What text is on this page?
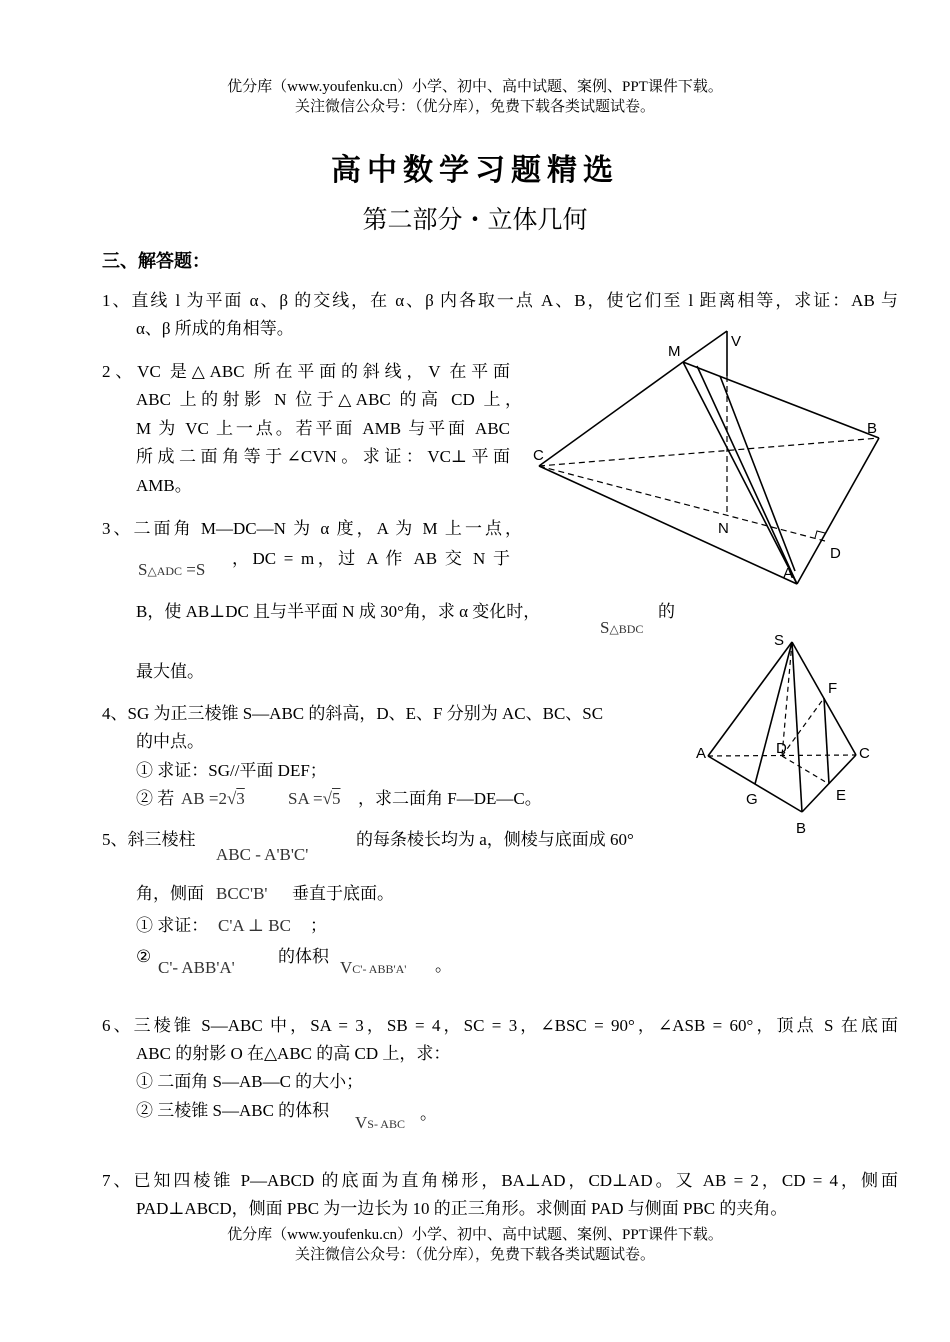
优分库（www.youfenku.cn）小学、初中、高中试题、案例、PPT课件下载。
关注微信公众号：（优分库），免费下载各类试题试卷。
高中数学习题精选
第二部分・立体几何
三、解答题：
1、直线 l 为平面 α、β 的交线，在 α、β 内各取一点 A、B，使它们至 l 距离相等，求证：AB 与
α、β 所成的角相等。
2、VC 是△ABC 所在平面的斜线，V 在平面
ABC 上的射影 N 位于△ABC 的高 CD 上，
M 为 VC 上一点。若平面 AMB 与平面 ABC
所成二面角等于∠CVN。求证：VC⊥平面
AMB。
M
V
B
C
N
D
A
3、二面角 M—DC—N 为 α 度，A 为 M 上一点，
S△ADC =S
，DC = m，过 A 作 AB 交 N 于
B，使 AB⊥DC 且与半平面 N 成 30°角，求 α 变化时，
S△BDC
的
最大值。
S
F
A	D	C
G	E
B
4、SG 为正三棱锥 S—ABC 的斜高，D、E、F 分别为 AC、BC、SC
的中点。
① 求证：SG//平面 DEF；
② 若 AB =2√3	SA =√5 ，求二面角 F—DE—C。
5、斜三棱柱
ABC - A'B'C'
的每条棱长均为 a，侧棱与底面成 60°
角，侧面 BCC'B' 垂直于底面。
① 求证： C'A ⊥ BC ；
②
C'- ABB'A'
的体积
VC'- ABB'A' 。
6、三棱锥 S—ABC 中，SA = 3，SB = 4，SC = 3，∠BSC = 90°，∠ASB = 60°，顶点 S 在底面
ABC 的射影 O 在△ABC 的高 CD 上，求：
① 二面角 S—AB—C 的大小；
② 三棱锥 S—ABC 的体积
VS- ABC
。
7、已知四棱锥 P—ABCD 的底面为直角梯形，BA⊥AD，CD⊥AD。又 AB = 2，CD = 4，侧面
PAD⊥ABCD，侧面 PBC 为一边长为 10 的正三角形。求侧面 PAD 与侧面 PBC 的夹角。
优分库（www.youfenku.cn）小学、初中、高中试题、案例、PPT课件下载。
关注微信公众号：（优分库），免费下载各类试题试卷。
